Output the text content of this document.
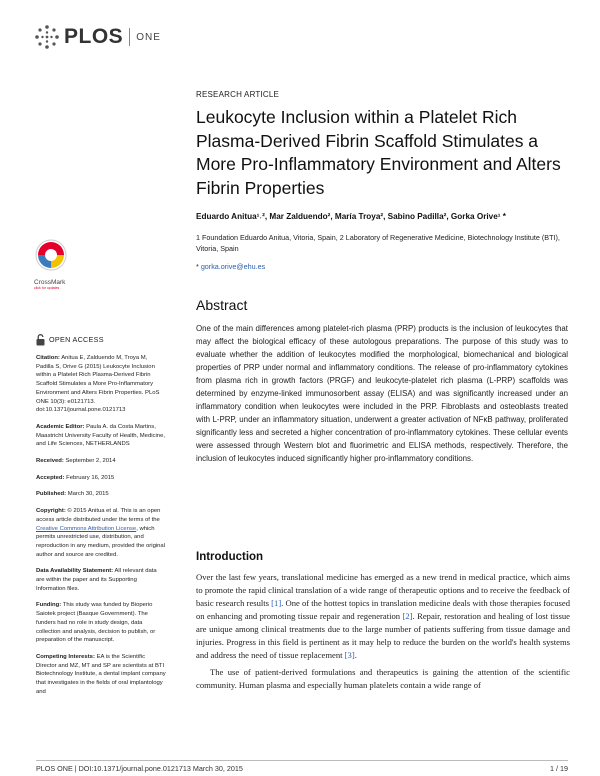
PLOS ONE
RESEARCH ARTICLE
Leukocyte Inclusion within a Platelet Rich Plasma-Derived Fibrin Scaffold Stimulates a More Pro-Inflammatory Environment and Alters Fibrin Properties
Eduardo Anitua¹˒², Mar Zalduendo², María Troya², Sabino Padilla², Gorka Orive¹ *
1 Foundation Eduardo Anitua, Vitoria, Spain, 2 Laboratory of Regenerative Medicine, Biotechnology Institute (BTI), Vitoria, Spain
* gorka.orive@ehu.es
CrossMark
click for updates
Abstract
One of the main differences among platelet-rich plasma (PRP) products is the inclusion of leukocytes that may affect the biological efficacy of these autologous preparations. The purpose of this study was to evaluate whether the addition of leukocytes modified the morphological, biomechanical and biological properties of PRP under normal and inflammatory conditions. The release of pro-inflammatory cytokines from plasma rich in growth factors (PRGF) and leukocyte-platelet rich plasma (L-PRP) scaffolds was determined by enzyme-linked immunosorbent assay (ELISA) and was significantly increased under an inflammatory condition when leukocytes were included in the PRP. Fibroblasts and osteoblasts treated with L-PRP, under an inflammatory situation, underwent a greater activation of NFκB pathway, proliferated significantly less and secreted a higher concentration of pro-inflammatory cytokines. These cellular events were assessed through Western blot and fluorimetric and ELISA methods, respectively. Therefore, the inclusion of leukocytes induced significantly higher pro-inflammatory conditions.
OPEN ACCESS

Citation: Anitua E, Zalduendo M, Troya M, Padilla S, Orive G (2015) Leukocyte Inclusion within a Platelet Rich Plasma-Derived Fibrin Scaffold Stimulates a More Pro-Inflammatory Environment and Alters Fibrin Properties. PLoS ONE 10(3): e0121713. doi:10.1371/journal.pone.0121713

Academic Editor: Paula A. da Costa Martins, Maastricht University Faculty of Health, Medicine, and Life Sciences, NETHERLANDS

Received: September 2, 2014

Accepted: February 16, 2015

Published: March 30, 2015

Copyright: © 2015 Anitua et al. This is an open access article distributed under the terms of the Creative Commons Attribution License, which permits unrestricted use, distribution, and reproduction in any medium, provided the original author and source are credited.

Data Availability Statement: All relevant data are within the paper and its Supporting Information files.

Funding: This study was funded by Bioperio Saiotek project (Basque Government). The funders had no role in study design, data collection and analysis, decision to publish, or preparation of the manuscript.

Competing Interests: EA is the Scientific Director and MZ, MT and SP are scientists at BTI Biotechnology Institute, a dental implant company that investigates in the fields of oral implantology and

Introduction

Over the last few years, translational medicine has emerged as a new trend in medical practice, which aims to promote the rapid clinical translation of a wide range of therapeutic options and to receive the feedback of basic research results [1]. One of the hottest topics in translation medicine deals with those therapies focused on enhancing and promoting tissue repair and regeneration [2]. Repair, restoration and healing of lost tissue are unique among clinical treatments due to the large number of patients suffering from tissue damage and injuries. Progress in this field is pertinent as it may help to reduce the burden on the world's health systems and address the need of tissue replacement [3].

The use of patient-derived formulations and therapeutics is gaining the attention of the scientific community. Human plasma and especially human platelets contain a wide range of

PLOS ONE | DOI:10.1371/journal.pone.0121713 March 30, 2015	1 / 19
